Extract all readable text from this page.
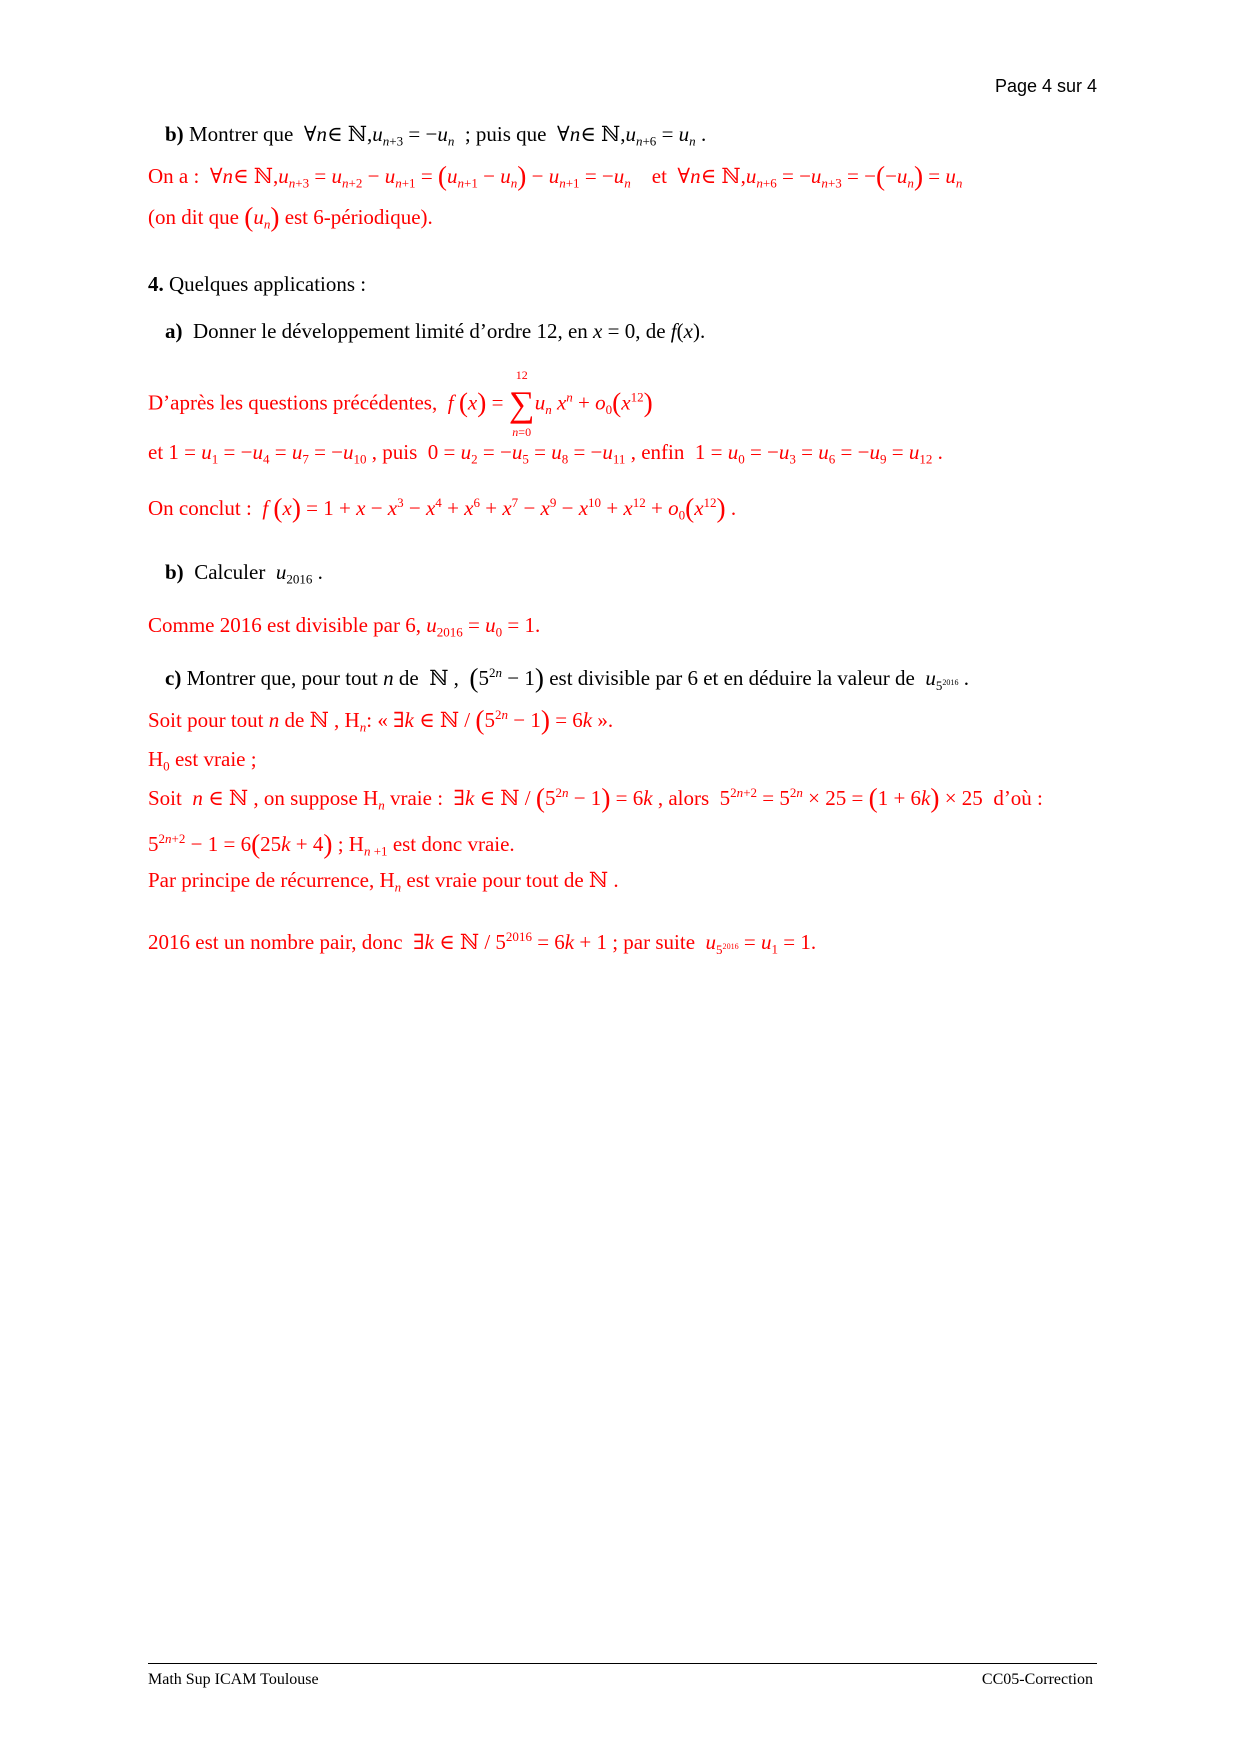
Page 4 sur 4
b) Montrer que  ∀n∈ $ℕ,u_{n+3} = -u_n$ ; puis que  ∀n∈ $ℕ,u_{n+6} = u_n$ .
On a :  ∀n∈ $ℕ,u_{n+3} = u_{n+2} - u_{n+1} = (u_{n+1} - u_n) - u_{n+1} = -u_n$ et  ∀n∈ $ℕ,u_{n+6} = -u_{n+3} = -(-u_n) = u_n$
(on dit que $(u_n)$ est 6-périodique).
4. Quelques applications :
a) Donner le développement limité d’ordre 12, en x = 0, de f(x).
D’après les questions précédentes, f (x) =
12
∑
n=0
$u_n$ $x^n + o_0(x^{12})$
et $1 = u_1 = -u_4 = u_7 = -u_{10}$ , puis  $0 = u_2 = -u_5 = u_8 = -u_{11}$ , enfin  $1 = u_0 = -u_3 = u_6 = -u_9 = u_{12}$ .
On conclut : f $(x) = 1 + x - x^3 - x^4 + x^6 + x^7 - x^9 - x^{10} + x^{12} + o_0(x^{12})$ .
b) Calculer $u_{2016}$ .
Comme 2016 est divisible par 6, $u_{2016} = u_0 = 1$.
c) Montrer que, pour tout n de  ℕ ,  $(5^{2n} - 1)$ est divisible par 6 et en déduire la valeur de $u_{5^{2016}}$ .
Soit pour tout n de ℕ , $H_n$: « ∃k ∈ ℕ / $(5^{2n} - 1) = 6k$ ».
$H_0$ est vraie ;
Soit n ∈ ℕ , on suppose $H_n$ vraie :  ∃k ∈ ℕ / $(5^{2n} - 1) = 6k$ , alors  $5^{2n+2} = 5^{2n} \times 25 = (1 + 6k) \times 25$  d’où :
$5^{2n+2} - 1 = 6(25k + 4)$ ; $H_{n +1}$ est donc vraie.
Par principe de récurrence, $H_n$ est vraie pour tout de ℕ .
2016 est un nombre pair, donc  ∃k ∈ ℕ / $5^{2016} = 6k + 1$ ; par suite $u_{5^{2016}} = u_1 = 1$.
Math Sup ICAM Toulouse	CC05-Correction
